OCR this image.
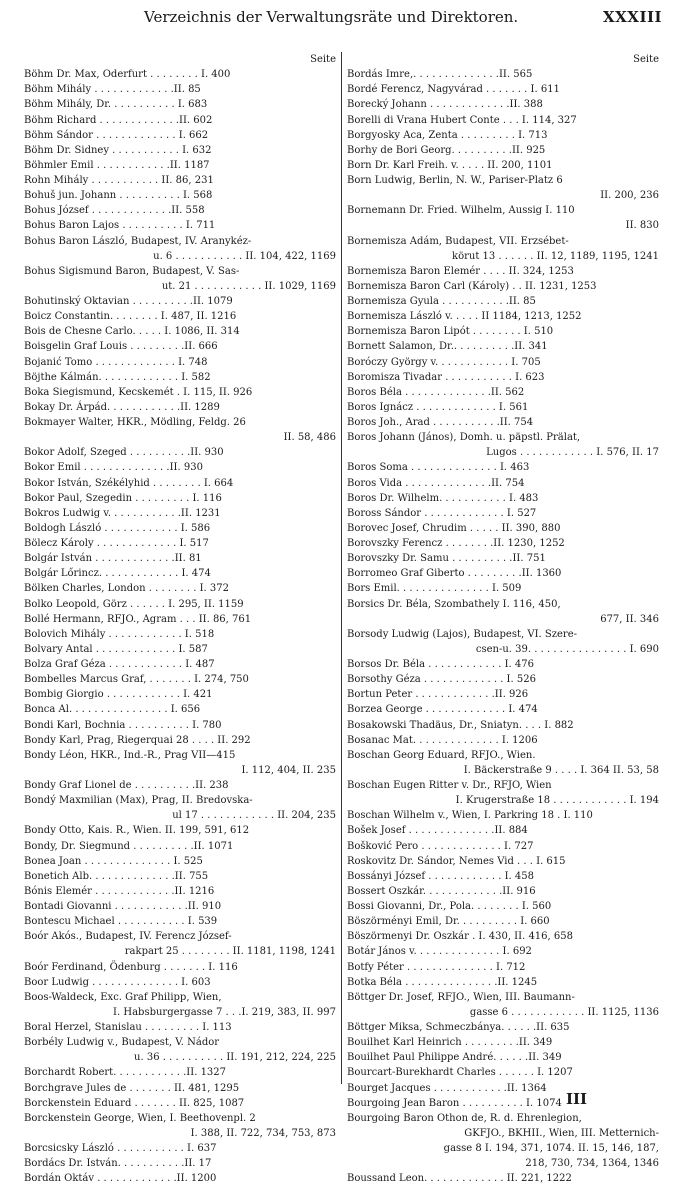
Verzeichnis der Verwaltungsräte und Direktoren.	XXXIII
Seite
Böhm Dr. Max, Oderfurt . . . . . . . . I. 400
Böhm Mihály . . . . . . . . . . . . .II. 85
Böhm Mihály, Dr. . . . . . . . . . . I. 683
Böhm Richard . . . . . . . . . . . . .II. 602
Böhm Sándor . . . . . . . . . . . . . I. 662
Böhm Dr. Sidney . . . . . . . . . . . I. 632
Böhmler Emil . . . . . . . . . . . .II. 1187
Rohn Mihály . . . . . . . . . . . II. 86, 231
Bohuš jun. Johann . . . . . . . . . . I. 568
Bohus József . . . . . . . . . . . . .II. 558
Bohus Baron Lajos . . . . . . . . . . I. 711
Bohus Baron László, Budapest, IV. Aranykéz-
u. 6 . . . . . . . . . . . II. 104, 422, 1169
Bohus Sigismund Baron, Budapest, V. Sas-
ut. 21 . . . . . . . . . . . II. 1029, 1169
Bohutinský Oktavian . . . . . . . . . .II. 1079
Boicz Constantin. . . . . . . . I. 487, II. 1216
Bois de Chesne Carlo. . . . . I. 1086, II. 314
Boisgelin Graf Louis . . . . . . . . .II. 666
Bojanić Tomo . . . . . . . . . . . . . I. 748
Böjthe Kálmán. . . . . . . . . . . . . I. 582
Boka Siegismund, Kecskemét . I. 115, II. 926
Bokay Dr. Árpád. . . . . . . . . . . .II. 1289
Bokmayer Walter, HKR., Mödling, Feldg. 26
II. 58, 486
Bokor Adolf, Szeged . . . . . . . . . .II. 930
Bokor Emil . . . . . . . . . . . . . .II. 930
Bokor István, Székélyhid . . . . . . . . I. 664
Bokor Paul, Szegedin . . . . . . . . . I. 116
Bokros Ludwig v. . . . . . . . . . . .II. 1231
Boldogh László . . . . . . . . . . . . I. 586
Bölecz Károly . . . . . . . . . . . . . I. 517
Bolgár István . . . . . . . . . . . . .II. 81
Bolgár Lőrincz. . . . . . . . . . . . . I. 474
Bölken Charles, London . . . . . . . . I. 372
Bolko Leopold, Görz . . . . . . I. 295, II. 1159
Bollé Hermann, RFJO., Agram . . . II. 86, 761
Bolovich Mihály . . . . . . . . . . . . I. 518
Bolvary Antal . . . . . . . . . . . . . I. 587
Bolza Graf Géza . . . . . . . . . . . . I. 487
Bombelles Marcus Graf, . . . . . . . I. 274, 750
Bombig Giorgio . . . . . . . . . . . . I. 421
Bonca Al. . . . . . . . . . . . . . . . I. 656
Bondi Karl, Bochnia . . . . . . . . . . I. 780
Bondy Karl, Prag, Riegerquai 28 . . . . II. 292
Bondy Léon, HKR., Ind.-R., Prag VII—415
I. 112, 404, II. 235
Bondy Graf Lionel de . . . . . . . . . .II. 238
Bondý Maxmilian (Max), Prag, II. Bredovska-
ul 17 . . . . . . . . . . . . II. 204, 235
Bondy Otto, Kais. R., Wien. II. 199, 591, 612
Bondy, Dr. Siegmund . . . . . . . . . .II. 1071
Bonea Joan . . . . . . . . . . . . . . I. 525
Bonetich Alb. . . . . . . . . . . . . .II. 755
Bónis Elemér . . . . . . . . . . . . .II. 1216
Bontadi Giovanni . . . . . . . . . . . .II. 910
Bontescu Michael . . . . . . . . . . . I. 539
Boór Akós., Budapest, IV. Ferencz József-
rakpart 25 . . . . . . . . II. 1181, 1198, 1241
Boór Ferdinand, Ödenburg . . . . . . . I. 116
Boor Ludwig . . . . . . . . . . . . . . I. 603
Boos-Waldeck, Exc. Graf Philipp, Wien,
I. Habsburgergasse 7 . . .I. 219, 383, II. 997
Boral Herzel, Stanislau . . . . . . . . . I. 113
Borbély Ludwig v., Budapest, V. Nádor
u. 36 . . . . . . . . . . II. 191, 212, 224, 225
Borchardt Robert. . . . . . . . . . . .II. 1327
Borchgrave Jules de . . . . . . . II. 481, 1295
Borckenstein Eduard . . . . . . . II. 825, 1087
Borckenstein George, Wien, I. Beethovenpl. 2
I. 388, II. 722, 734, 753, 873
Borcsicsky László . . . . . . . . . . . I. 637
Bordács Dr. István. . . . . . . . . . .II. 17
Bordán Oktáv . . . . . . . . . . . . .II. 1200
Seite
Bordás Imre,. . . . . . . . . . . . . .II. 565
Bordé Ferencz, Nagyvárad . . . . . . . I. 611
Borecký Johann . . . . . . . . . . . . .II. 388
Borelli di Vrana Hubert Conte . . . I. 114, 327
Borgyosky Aca, Zenta . . . . . . . . . I. 713
Borhy de Bori Georg. . . . . . . . . .II. 925
Born Dr. Karl Freih. v. . . . . II. 200, 1101
Born Ludwig, Berlin, N. W., Pariser-Platz 6
II. 200, 236
Bornemann Dr. Fried. Wilhelm, Aussig I. 110
II. 830
Bornemisza Adám, Budapest, VII. Erzsébet-
körut 13 . . . . . . II. 12, 1189, 1195, 1241
Bornemisza Baron Elemér . . . . II. 324, 1253
Bornemisza Baron Carl (Károly) . . II. 1231, 1253
Bornemisza Gyula . . . . . . . . . . .II. 85
Bornemisza László v. . . . . II 1184, 1213, 1252
Bornemisza Baron Lipót . . . . . . . . I. 510
Bornett Salamon, Dr.. . . . . . . . . .II. 341
Boróczy György v. . . . . . . . . . . . I. 705
Boromisza Tivadar . . . . . . . . . . . I. 623
Boros Béla . . . . . . . . . . . . . .II. 562
Boros Ignácz . . . . . . . . . . . . . I. 561
Boros Joh., Arad . . . . . . . . . . .II. 754
Boros Johann (János), Domh. u. päpstl. Prälat,
Lugos . . . . . . . . . . . . I. 576, II. 17
Boros Soma . . . . . . . . . . . . . . I. 463
Boros Vida . . . . . . . . . . . . . .II. 754
Boros Dr. Wilhelm. . . . . . . . . . . I. 483
Boross Sándor . . . . . . . . . . . . . I. 527
Borovec Josef, Chrudim . . . . . II. 390, 880
Borovszky Ferencz . . . . . . . .II. 1230, 1252
Borovszky Dr. Samu . . . . . . . . . .II. 751
Borromeo Graf Giberto . . . . . . . . .II. 1360
Bors Emil. . . . . . . . . . . . . . . I. 509
Borsics Dr. Béla, Szombathely I. 116, 450,
677, II. 346
Borsody Ludwig (Lajos), Budapest, VI. Szere-
csen-u. 39. . . . . . . . . . . . . . . . I. 690
Borsos Dr. Béla . . . . . . . . . . . . I. 476
Borsothy Géza . . . . . . . . . . . . . I. 526
Bortun Peter . . . . . . . . . . . . .II. 926
Borzea George . . . . . . . . . . . . . I. 474
Bosakowski Thadäus, Dr., Sniatyn. . . . I. 882
Bosanac Mat. . . . . . . . . . . . . . I. 1206
Boschan Georg Eduard, RFJO., Wien.
I. Bäckerstraße 9 . . . . I. 364 II. 53, 58
Boschan Eugen Ritter v. Dr., RFJO, Wien
I. Krugerstraße 18 . . . . . . . . . . . . I. 194
Boschan Wilhelm v., Wien, I. Parkring 18 . I. 110
Bošek Josef . . . . . . . . . . . . . .II. 884
Bošković Pero . . . . . . . . . . . . . I. 727
Roskovitz Dr. Sándor, Nemes Vid . . . I. 615
Bossányi József . . . . . . . . . . . . I. 458
Bossert Oszkár. . . . . . . . . . . . .II. 916
Bossi Giovanni, Dr., Pola. . . . . . . . I. 560
Böszörményi Emil, Dr. . . . . . . . . . I. 660
Böszörmenyi Dr. Oszkár . I. 430, II. 416, 658
Botár János v. . . . . . . . . . . . . . I. 692
Botfy Péter . . . . . . . . . . . . . . I. 712
Botka Béla . . . . . . . . . . . . . . .II. 1245
Böttger Dr. Josef, RFJO., Wien, III. Baumann-
gasse 6 . . . . . . . . . . . . II. 1125, 1136
Böttger Miksa, Schmeczbánya. . . . . .II. 635
Bouilhet Karl Heinrich . . . . . . . . .II. 349
Bouilhet Paul Philippe André. . . . . .II. 349
Bourcart-Burekhardt Charles . . . . . . I. 1207
Bourget Jacques . . . . . . . . . . . .II. 1364
Bourgoing Jean Baron . . . . . . . . . . I. 1074
Bourgoing Baron Othon de, R. d. Ehrenlegion,
GKFJO., BKHII., Wien, III. Metternich-
gasse 8 I. 194, 371, 1074. II. 15, 146, 187,
218, 730, 734, 1364, 1346
Boussand Leon. . . . . . . . . . . . . II. 221, 1222
III
